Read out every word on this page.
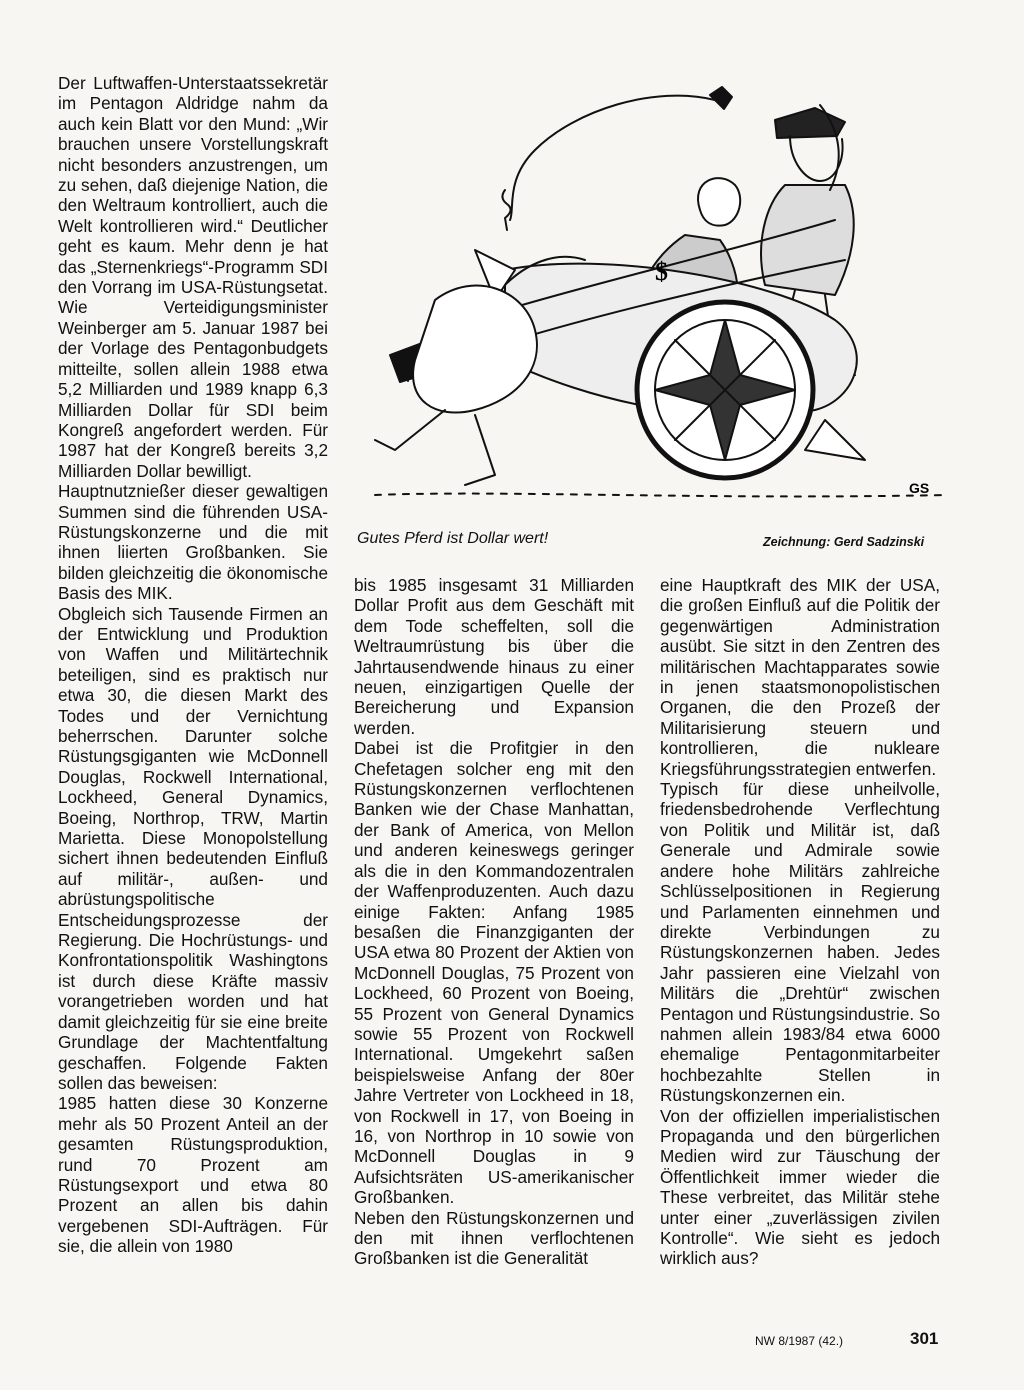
Der Luftwaffen-Unterstaatssekretär im Pentagon Aldridge nahm da auch kein Blatt vor den Mund: „Wir brauchen unsere Vorstellungskraft nicht besonders anzustrengen, um zu sehen, daß diejenige Nation, die den Weltraum kontrolliert, auch die Welt kontrollieren wird.“ Deutlicher geht es kaum. Mehr denn je hat das „Sternenkriegs“-Programm SDI den Vorrang im USA-Rüstungsetat. Wie Verteidigungsminister Weinberger am 5. Januar 1987 bei der Vorlage des Pentagonbudgets mitteilte, sollen allein 1988 etwa 5,2 Milliarden und 1989 knapp 6,3 Milliarden Dollar für SDI beim Kongreß angefordert werden. Für 1987 hat der Kongreß bereits 3,2 Milliarden Dollar bewilligt.

Hauptnutznießer dieser gewaltigen Summen sind die führenden USA-Rüstungskonzerne und die mit ihnen liierten Großbanken. Sie bilden gleichzeitig die ökonomische Basis des MIK.

Obgleich sich Tausende Firmen an der Entwicklung und Produktion von Waffen und Militärtechnik beteiligen, sind es praktisch nur etwa 30, die diesen Markt des Todes und der Vernichtung beherrschen. Darunter solche Rüstungsgiganten wie McDonnell Douglas, Rockwell International, Lockheed, General Dynamics, Boeing, Northrop, TRW, Martin Marietta. Diese Monopolstellung sichert ihnen bedeutenden Einfluß auf militär-, außen- und abrüstungspolitische Entscheidungsprozesse der Regierung. Die Hochrüstungs- und Konfrontationspolitik Washingtons ist durch diese Kräfte massiv vorangetrieben worden und hat damit gleichzeitig für sie eine breite Grundlage der Machtentfaltung geschaffen. Folgende Fakten sollen das beweisen:

1985 hatten diese 30 Konzerne mehr als 50 Prozent Anteil an der gesamten Rüstungsproduktion, rund 70 Prozent am Rüstungsexport und etwa 80 Prozent an allen bis dahin vergebenen SDI-Aufträgen. Für sie, die allein von 1980

$
GS
Gutes Pferd ist Dollar wert!	Zeichnung: Gerd Sadzinski

bis 1985 insgesamt 31 Milliarden Dollar Profit aus dem Geschäft mit dem Tode scheffelten, soll die Weltraumrüstung bis über die Jahrtausendwende hinaus zu einer neuen, einzigartigen Quelle der Bereicherung und Expansion werden.

Dabei ist die Profitgier in den Chefetagen solcher eng mit den Rüstungskonzernen verflochtenen Banken wie der Chase Manhattan, der Bank of America, von Mellon und anderen keineswegs geringer als die in den Kommandozentralen der Waffenproduzenten. Auch dazu einige Fakten: Anfang 1985 besaßen die Finanzgiganten der USA etwa 80 Prozent der Aktien von McDonnell Douglas, 75 Prozent von Lockheed, 60 Prozent von Boeing, 55 Prozent von General Dynamics sowie 55 Prozent von Rockwell International. Umgekehrt saßen beispielsweise Anfang der 80er Jahre Vertreter von Lockheed in 18, von Rockwell in 17, von Boeing in 16, von Northrop in 10 sowie von McDonnell Douglas in 9 Aufsichtsräten US-amerikanischer Großbanken.

Neben den Rüstungskonzernen und den mit ihnen verflochtenen Großbanken ist die Generalität

eine Hauptkraft des MIK der USA, die großen Einfluß auf die Politik der gegenwärtigen Administration ausübt. Sie sitzt in den Zentren des militärischen Machtapparates sowie in jenen staatsmonopolistischen Organen, die den Prozeß der Militarisierung steuern und kontrollieren, die nukleare Kriegsführungsstrategien entwerfen.

Typisch für diese unheilvolle, friedensbedrohende Verflechtung von Politik und Militär ist, daß Generale und Admirale sowie andere hohe Militärs zahlreiche Schlüsselpositionen in Regierung und Parlamenten einnehmen und direkte Verbindungen zu Rüstungskonzernen haben. Jedes Jahr passieren eine Vielzahl von Militärs die „Drehtür“ zwischen Pentagon und Rüstungsindustrie. So nahmen allein 1983/84 etwa 6000 ehemalige Pentagonmitarbeiter hochbezahlte Stellen in Rüstungskonzernen ein.

Von der offiziellen imperialistischen Propaganda und den bürgerlichen Medien wird zur Täuschung der Öffentlichkeit immer wieder die These verbreitet, das Militär stehe unter einer „zuverlässigen zivilen Kontrolle“. Wie sieht es jedoch wirklich aus?

NW 8/1987 (42.)	301
